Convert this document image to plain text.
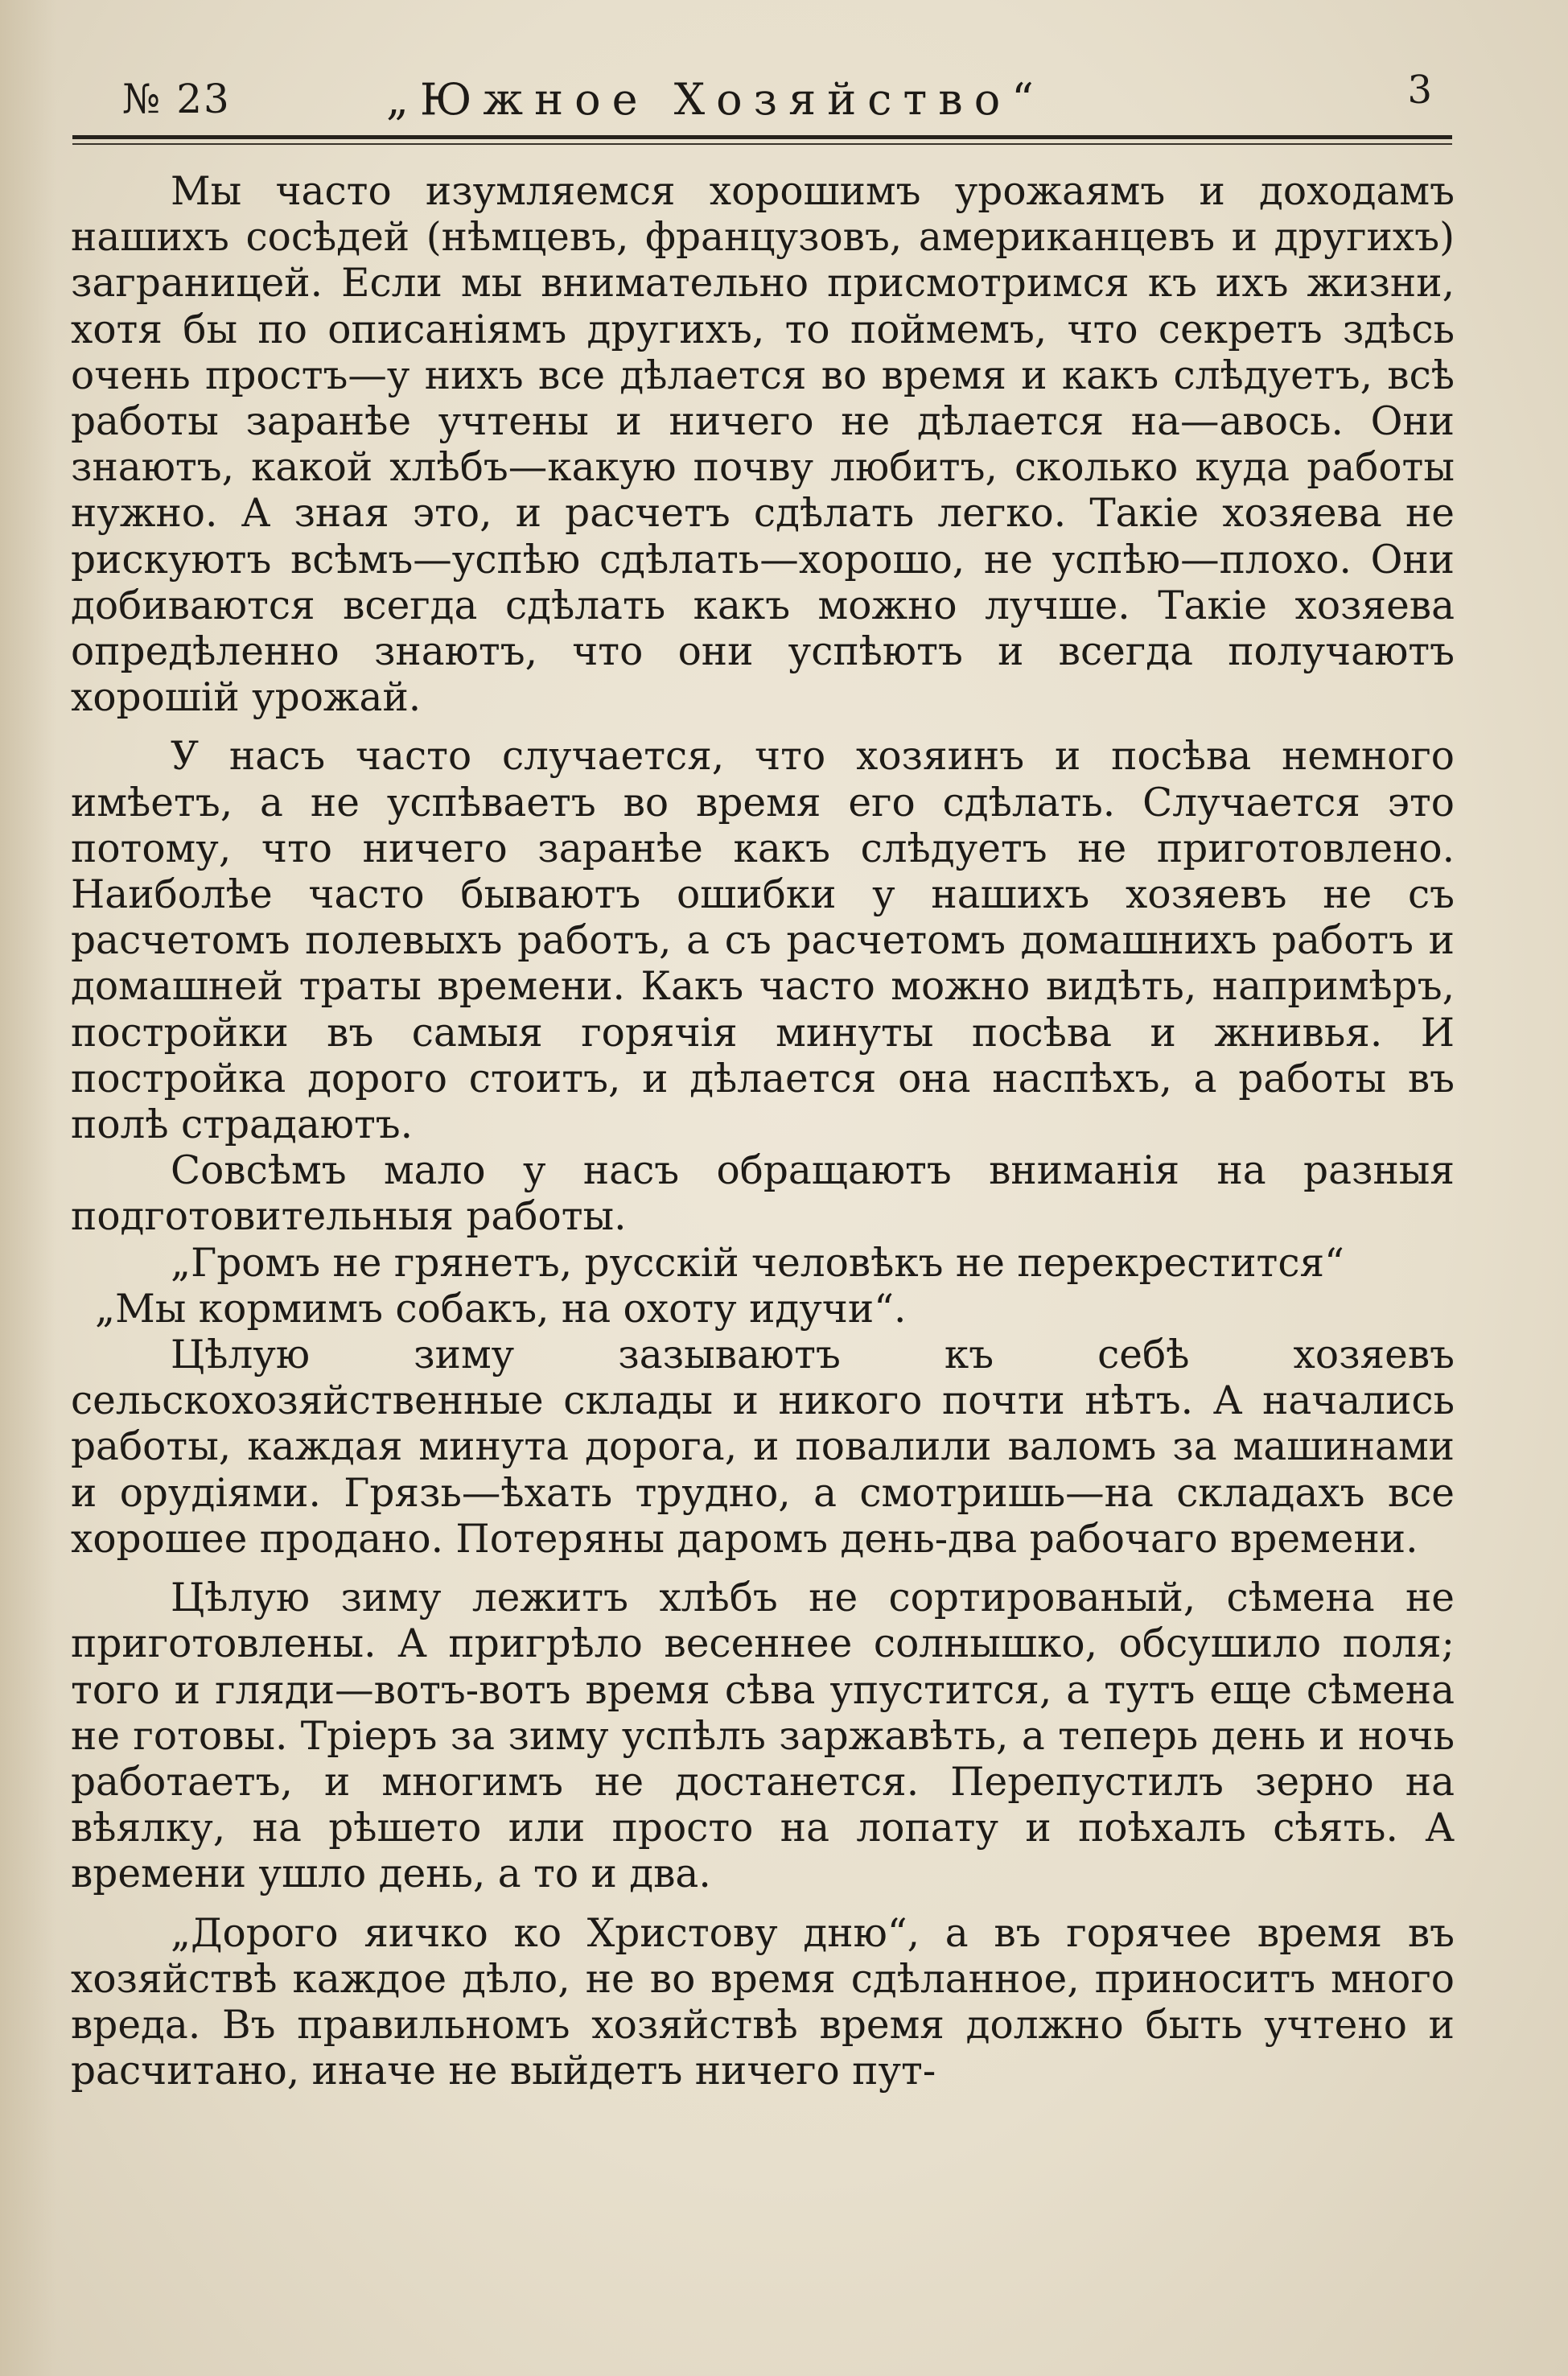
№ 23	„Южное Хозяйство“	3

Мы часто изумляемся хорошимъ урожаямъ и доходамъ нашихъ сосѣдей (нѣмцевъ, французовъ, американцевъ и другихъ) заграницей. Если мы внимательно присмотримся къ ихъ жизни, хотя бы по описаніямъ другихъ, то поймемъ, что секретъ здѣсь очень простъ—у нихъ все дѣлается во время и какъ слѣдуетъ, всѣ работы заранѣе учтены и ничего не дѣлается на—авось. Они знаютъ, какой хлѣбъ—какую почву любитъ, сколько куда работы нужно. А зная это, и расчетъ сдѣлать легко. Такіе хозяева не рискуютъ всѣмъ—успѣю сдѣлать—хорошо, не успѣю—плохо. Они добиваются всегда сдѣлать какъ можно лучше. Такіе хозяева опредѣленно знаютъ, что они успѣютъ и всегда получаютъ хорошій урожай.

У насъ часто случается, что хозяинъ и посѣва немного имѣетъ, а не успѣваетъ во время его сдѣлать. Случается это потому, что ничего заранѣе какъ слѣдуетъ не приготовлено. Наиболѣе часто бываютъ ошибки у нашихъ хозяевъ не съ расчетомъ полевыхъ работъ, а съ расчетомъ домашнихъ работъ и домашней траты времени. Какъ часто можно видѣть, напримѣръ, постройки въ самыя горячія минуты посѣва и жнивья. И постройка дорого стоитъ, и дѣлается она наспѣхъ, а работы въ полѣ страдаютъ.

Совсѣмъ мало у насъ обращаютъ вниманія на разныя подготовительныя работы.

„Громъ не грянетъ, русскій человѣкъ не перекрестится“

„Мы кормимъ собакъ, на охоту идучи“.

Цѣлую зиму зазываютъ къ себѣ хозяевъ сельскохозяйственные склады и никого почти нѣтъ. А начались работы, каждая минута дорога, и повалили валомъ за машинами и орудіями. Грязь—ѣхать трудно, а смотришь—на складахъ все хорошее продано. Потеряны даромъ день-два рабочаго времени.

Цѣлую зиму лежитъ хлѣбъ не сортированый, сѣмена не приготовлены. А пригрѣло весеннее солнышко, обсушило поля; того и гляди—вотъ-вотъ время сѣва упустится, а тутъ еще сѣмена не готовы. Тріеръ за зиму успѣлъ заржавѣть, а теперь день и ночь работаетъ, и многимъ не достанется. Перепустилъ зерно на вѣялку, на рѣшето или просто на лопату и поѣхалъ сѣять. А времени ушло день, а то и два.

„Дорого яичко ко Христову дню“, а въ горячее время въ хозяйствѣ каждое дѣло, не во время сдѣланное, приноситъ много вреда. Въ правильномъ хозяйствѣ время должно быть учтено и расчитано, иначе не выйдетъ ничего пут-
